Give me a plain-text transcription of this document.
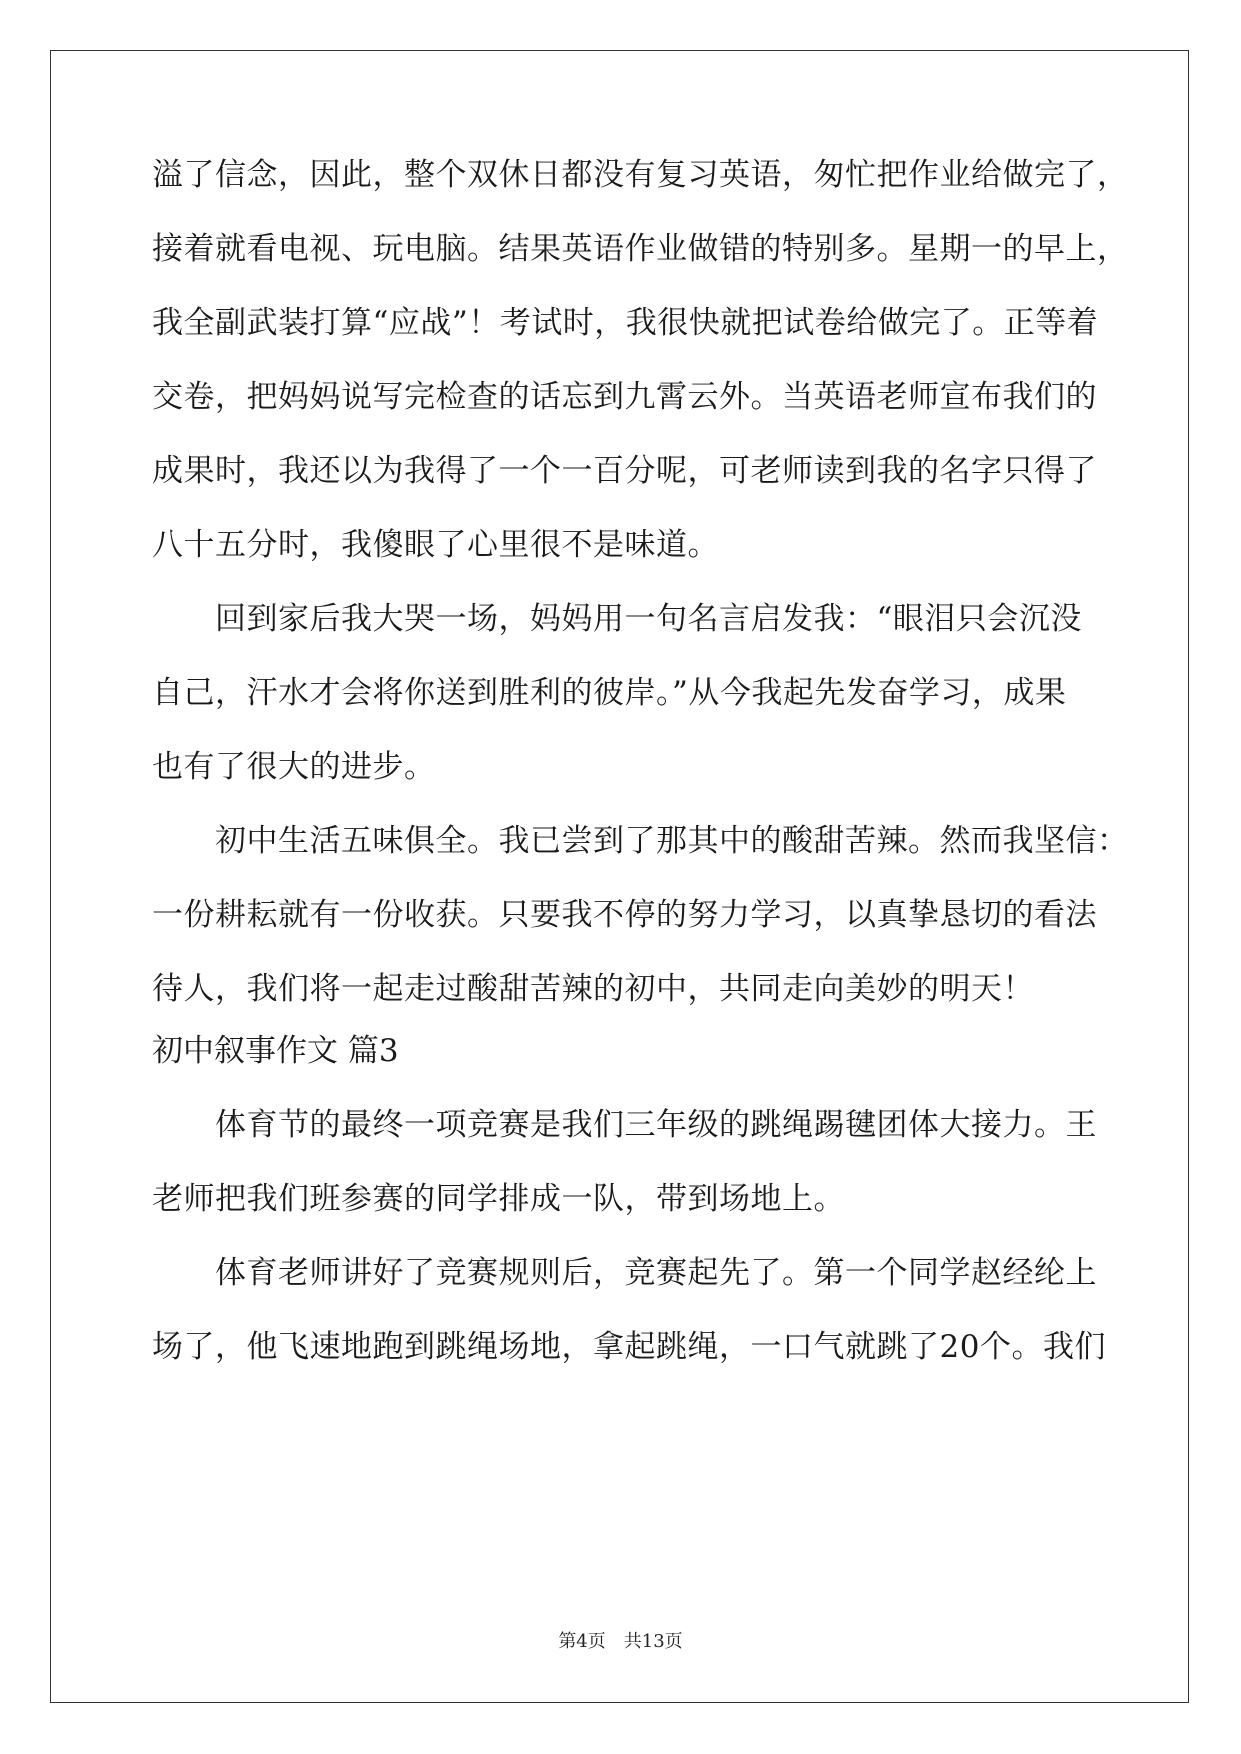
溢了信念，因此，整个双休日都没有复习英语，匆忙把作业给做完了，
接着就看电视、玩电脑。结果英语作业做错的特别多。星期一的早上，
我全副武装打算“应战”！考试时，我很快就把试卷给做完了。正等着
交卷，把妈妈说写完检查的话忘到九霄云外。当英语老师宣布我们的
成果时，我还以为我得了一个一百分呢，可老师读到我的名字只得了
八十五分时，我傻眼了心里很不是味道。
　　回到家后我大哭一场，妈妈用一句名言启发我：“眼泪只会沉没
自己，汗水才会将你送到胜利的彼岸。”从今我起先发奋学习，成果
也有了很大的进步。
　　初中生活五味俱全。我已尝到了那其中的酸甜苦辣。然而我坚信：
一份耕耘就有一份收获。只要我不停的努力学习，以真挚恳切的看法
待人，我们将一起走过酸甜苦辣的初中，共同走向美妙的明天！
初中叙事作文 篇3
　　体育节的最终一项竞赛是我们三年级的跳绳踢毽团体大接力。王
老师把我们班参赛的同学排成一队，带到场地上。
　　体育老师讲好了竞赛规则后，竞赛起先了。第一个同学赵经纶上
场了，他飞速地跑到跳绳场地，拿起跳绳，一口气就跳了20个。我们
第4页 共13页
